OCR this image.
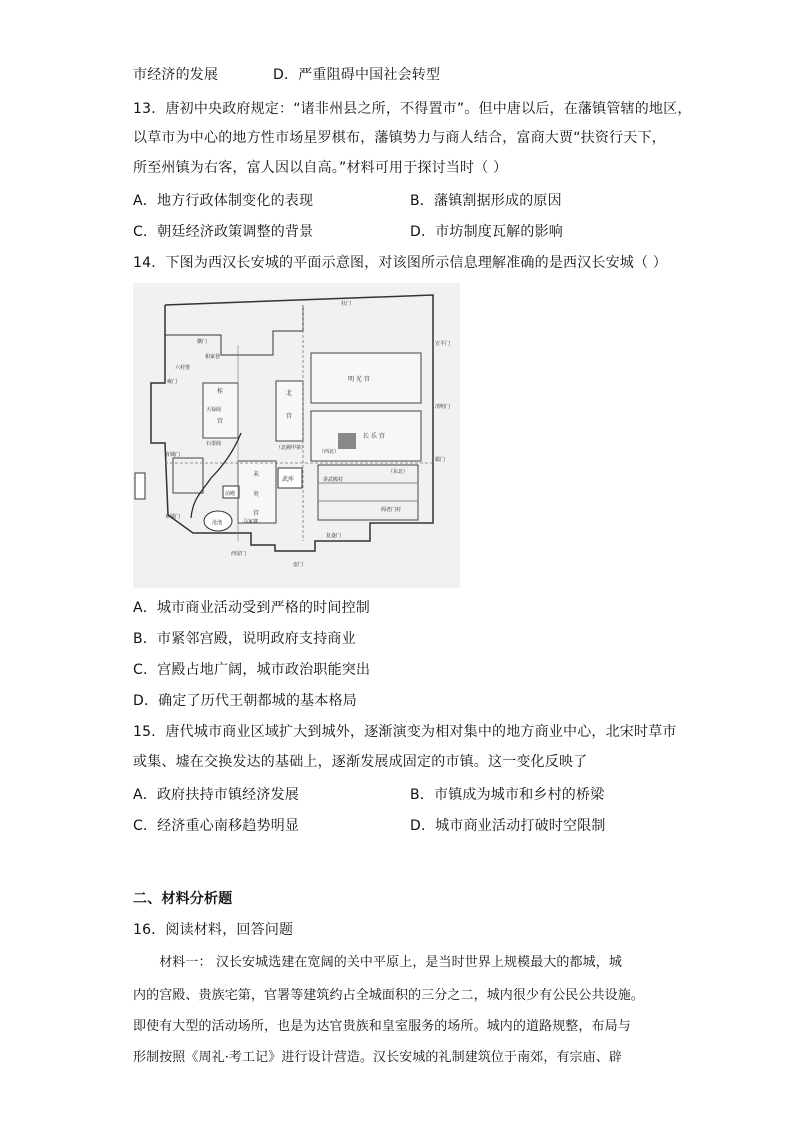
市经济的发展	D．严重阻碍中国社会转型
13．唐初中央政府规定：“诸非州县之所，不得置市”。但中唐以后，在藩镇管辖的地区，
以草市为中心的地方性市场星罗棋布，藩镇势力与商人结合，富商大贾“扶资行天下，
所至州镇为右客，富人因以自高。”材料可用于探讨当时（ ）
A．地方行政体制变化的表现	B．藩镇割据形成的原因
C．朝廷经济政策调整的背景	D．市坊制度瓦解的影响
14．下图为西汉长安城的平面示意图，对该图所示信息理解准确的是西汉长安城（ ）
明 光 宫
长 乐 宫
桂
宫
北
宫
未
央
宫
武库
杜门
宣平门
清明门
霸门
复盎门
安门
西安门
章城门
直城门
雍门
横门
讲武殿村
阁老门村
相家巷
六村堡
马家寨
天禄阁
石渠阁
沧池
（北阙甲第）
（西北）
（东北）
前殿
A．城市商业活动受到严格的时间控制
B．市紧邻宫殿，说明政府支持商业
C．宫殿占地广阔，城市政治职能突出
D．确定了历代王朝都城的基本格局
15．唐代城市商业区域扩大到城外，逐渐演变为相对集中的地方商业中心，北宋时草市
或集、墟在交换发达的基础上，逐渐发展成固定的市镇。这一变化反映了
A．政府扶持市镇经济发展	B．市镇成为城市和乡村的桥梁
C．经济重心南移趋势明显	D．城市商业活动打破时空限制
二、材料分析题
16．阅读材料，回答问题
　　材料一： 汉长安城选建在宽阔的关中平原上，是当时世界上规模最大的都城，城
内的宫殿、贵族宅第，官署等建筑约占全城面积的三分之二，城内很少有公民公共设施。
即使有大型的活动场所，也是为达官贵族和皇室服务的场所。城内的道路规整，布局与
形制按照《周礼·考工记》进行设计营造。汉长安城的礼制建筑位于南郊，有宗庙、辟
